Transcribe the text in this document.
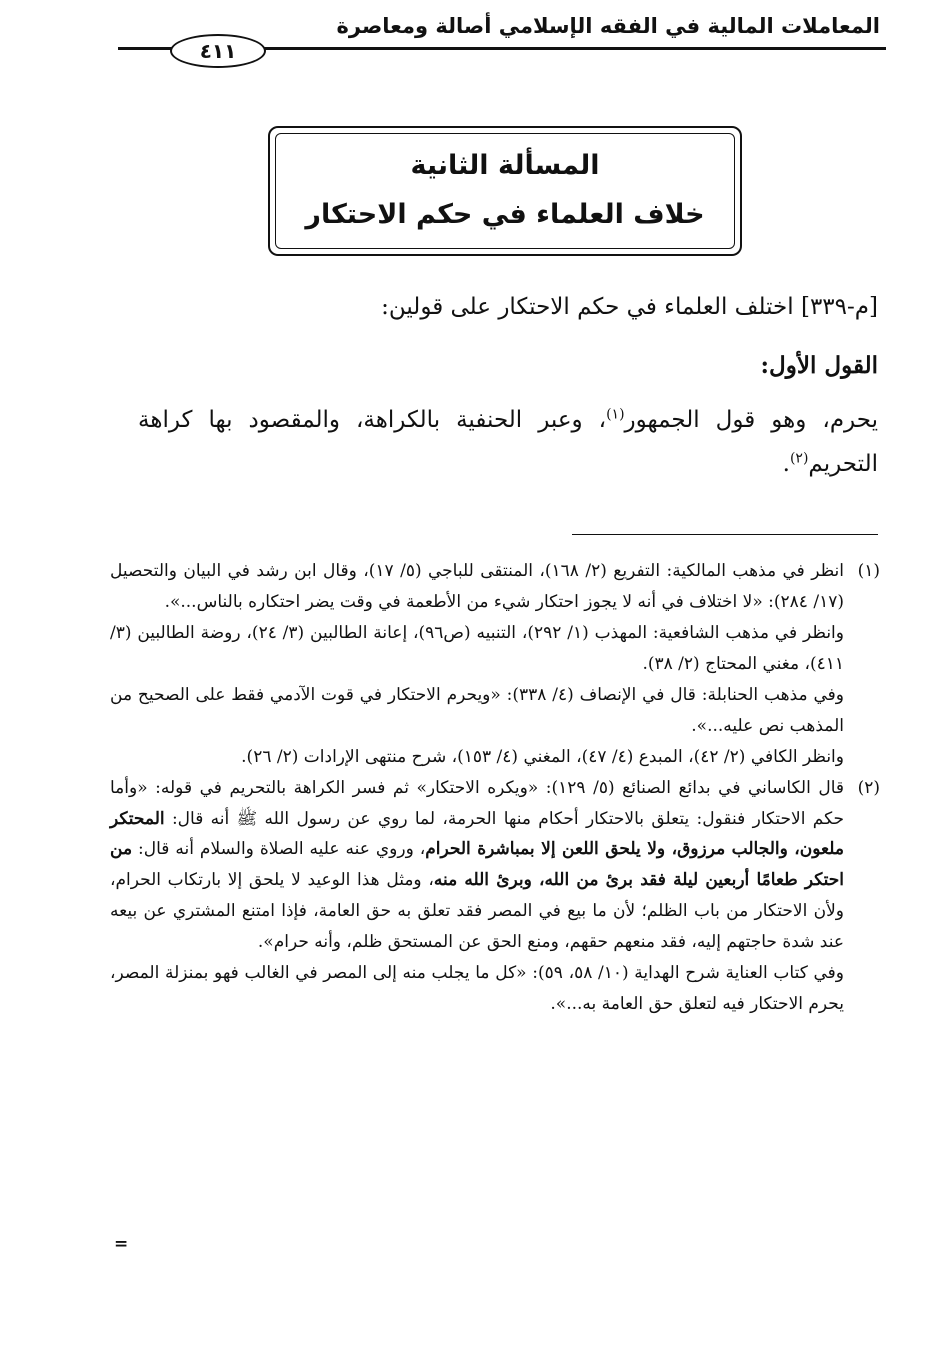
المعاملات المالية في الفقه الإسلامي أصالة ومعاصرة
٤١١
المسألة الثانية
خلاف العلماء في حكم الاحتكار

[م-٣٣٩] اختلف العلماء في حكم الاحتكار على قولين:

القول الأول:

يحرم، وهو قول الجمهور$^{(١)}$، وعبر الحنفية بالكراهة، والمقصود بها كراهة التحريم$^{(٢)}$.

(١)

انظر في مذهب المالكية: التفريع (٢/ ١٦٨)، المنتقى للباجي (٥/ ١٧)، وقال ابن رشد في البيان والتحصيل (١٧/ ٢٨٤): «لا اختلاف في أنه لا يجوز احتكار شيء من الأطعمة في وقت يضر احتكاره بالناس...».

وانظر في مذهب الشافعية: المهذب (١/ ٢٩٢)، التنبيه (ص٩٦)، إعانة الطالبين (٣/ ٢٤)، روضة الطالبين (٣/ ٤١١)، مغني المحتاج (٢/ ٣٨).

وفي مذهب الحنابلة: قال في الإنصاف (٤/ ٣٣٨): «ويحرم الاحتكار في قوت الآدمي فقط على الصحيح من المذهب نص عليه...».

وانظر الكافي (٢/ ٤٢)، المبدع (٤/ ٤٧)، المغني (٤/ ١٥٣)، شرح منتهى الإرادات (٢/ ٢٦).

(٢)

قال الكاساني في بدائع الصنائع (٥/ ١٢٩): «ويكره الاحتكار» ثم فسر الكراهة بالتحريم في قوله: «وأما حكم الاحتكار فنقول: يتعلق بالاحتكار أحكام منها الحرمة، لما روي عن رسول الله ﷺ أنه قال: المحتكر ملعون، والجالب مرزوق، ولا يلحق اللعن إلا بمباشرة الحرام، وروي عنه عليه الصلاة والسلام أنه قال: من احتكر طعامًا أربعين ليلة فقد برئ من الله، وبرئ الله منه، ومثل هذا الوعيد لا يلحق إلا بارتكاب الحرام، ولأن الاحتكار من باب الظلم؛ لأن ما بيع في المصر فقد تعلق به حق العامة، فإذا امتنع المشتري عن بيعه عند شدة حاجتهم إليه، فقد منعهم حقهم، ومنع الحق عن المستحق ظلم، وأنه حرام».

وفي كتاب العناية شرح الهداية (١٠/ ٥٨، ٥٩): «كل ما يجلب منه إلى المصر في الغالب فهو بمنزلة المصر، يحرم الاحتكار فيه لتعلق حق العامة به...».

=
